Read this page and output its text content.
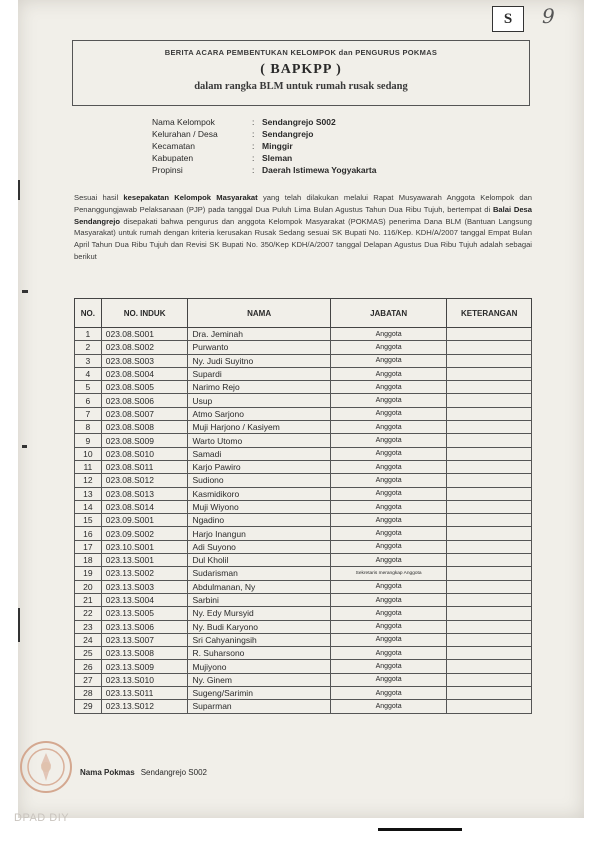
S	9
BERITA ACARA PEMBENTUKAN KELOMPOK dan PENGURUS POKMAS
( BAPKPP )
dalam rangka BLM untuk rumah rusak sedang
Nama Kelompok	: Sendangrejo S002
Kelurahan / Desa	: Sendangrejo
Kecamatan	: Minggir
Kabupaten	: Sleman
Propinsi	: Daerah Istimewa Yogyakarta
Sesuai hasil kesepakatan Kelompok Masyarakat yang telah dilakukan melalui Rapat Musyawarah Anggota Kelompok dan Penanggungjawab Pelaksanaan (PJP) pada tanggal Dua Puluh Lima Bulan Agustus Tahun Dua Ribu Tujuh, bertempat di Balai Desa Sendangrejo disepakati bahwa pengurus dan anggota Kelompok Masyarakat (POKMAS) penerima Dana BLM (Bantuan Langsung Masyarakat) untuk rumah dengan kriteria kerusakan Rusak Sedang sesuai SK Bupati No. 116/Kep. KDH/A/2007 tanggal Empat Bulan April Tahun Dua Ribu Tujuh dan Revisi SK Bupati No. 350/Kep KDH/A/2007 tanggal Delapan Agustus Dua Ribu Tujuh adalah sebagai berikut
NO.	NO. INDUK	NAMA	JABATAN	KETERANGAN
1	023.08.S001	Dra. Jeminah	Anggota	
2	023.08.S002	Purwanto	Anggota	
3	023.08.S003	Ny. Judi Suyitno	Anggota	
4	023.08.S004	Supardi	Anggota	
5	023.08.S005	Narimo Rejo	Anggota	
6	023.08.S006	Usup	Anggota	
7	023.08.S007	Atmo Sarjono	Anggota	
8	023.08.S008	Muji Harjono / Kasiyem	Anggota	
9	023.08.S009	Warto Utomo	Anggota	
10	023.08.S010	Samadi	Anggota	
11	023.08.S011	Karjo Pawiro	Anggota	
12	023.08.S012	Sudiono	Anggota	
13	023.08.S013	Kasmidikoro	Anggota	
14	023.08.S014	Muji Wiyono	Anggota	
15	023.09.S001	Ngadino	Anggota	
16	023.09.S002	Harjo Inangun	Anggota	
17	023.10.S001	Adi Suyono	Anggota	
18	023.13.S001	Dul Kholil	Anggota	
19	023.13.S002	Sudarisman	Sekretaris merangkap Anggota	
20	023.13.S003	Abdulmanan, Ny	Anggota	
21	023.13.S004	Sarbini	Anggota	
22	023.13.S005	Ny. Edy Mursyid	Anggota	
23	023.13.S006	Ny. Budi Karyono	Anggota	
24	023.13.S007	Sri Cahyaningsih	Anggota	
25	023.13.S008	R. Suharsono	Anggota	
26	023.13.S009	Mujiyono	Anggota	
27	023.13.S010	Ny. Ginem	Anggota	
28	023.13.S011	Sugeng/Sarimin	Anggota	
29	023.13.S012	Suparman	Anggota	
Nama Pokmas Sendangrejo S002
DPAD DIY
